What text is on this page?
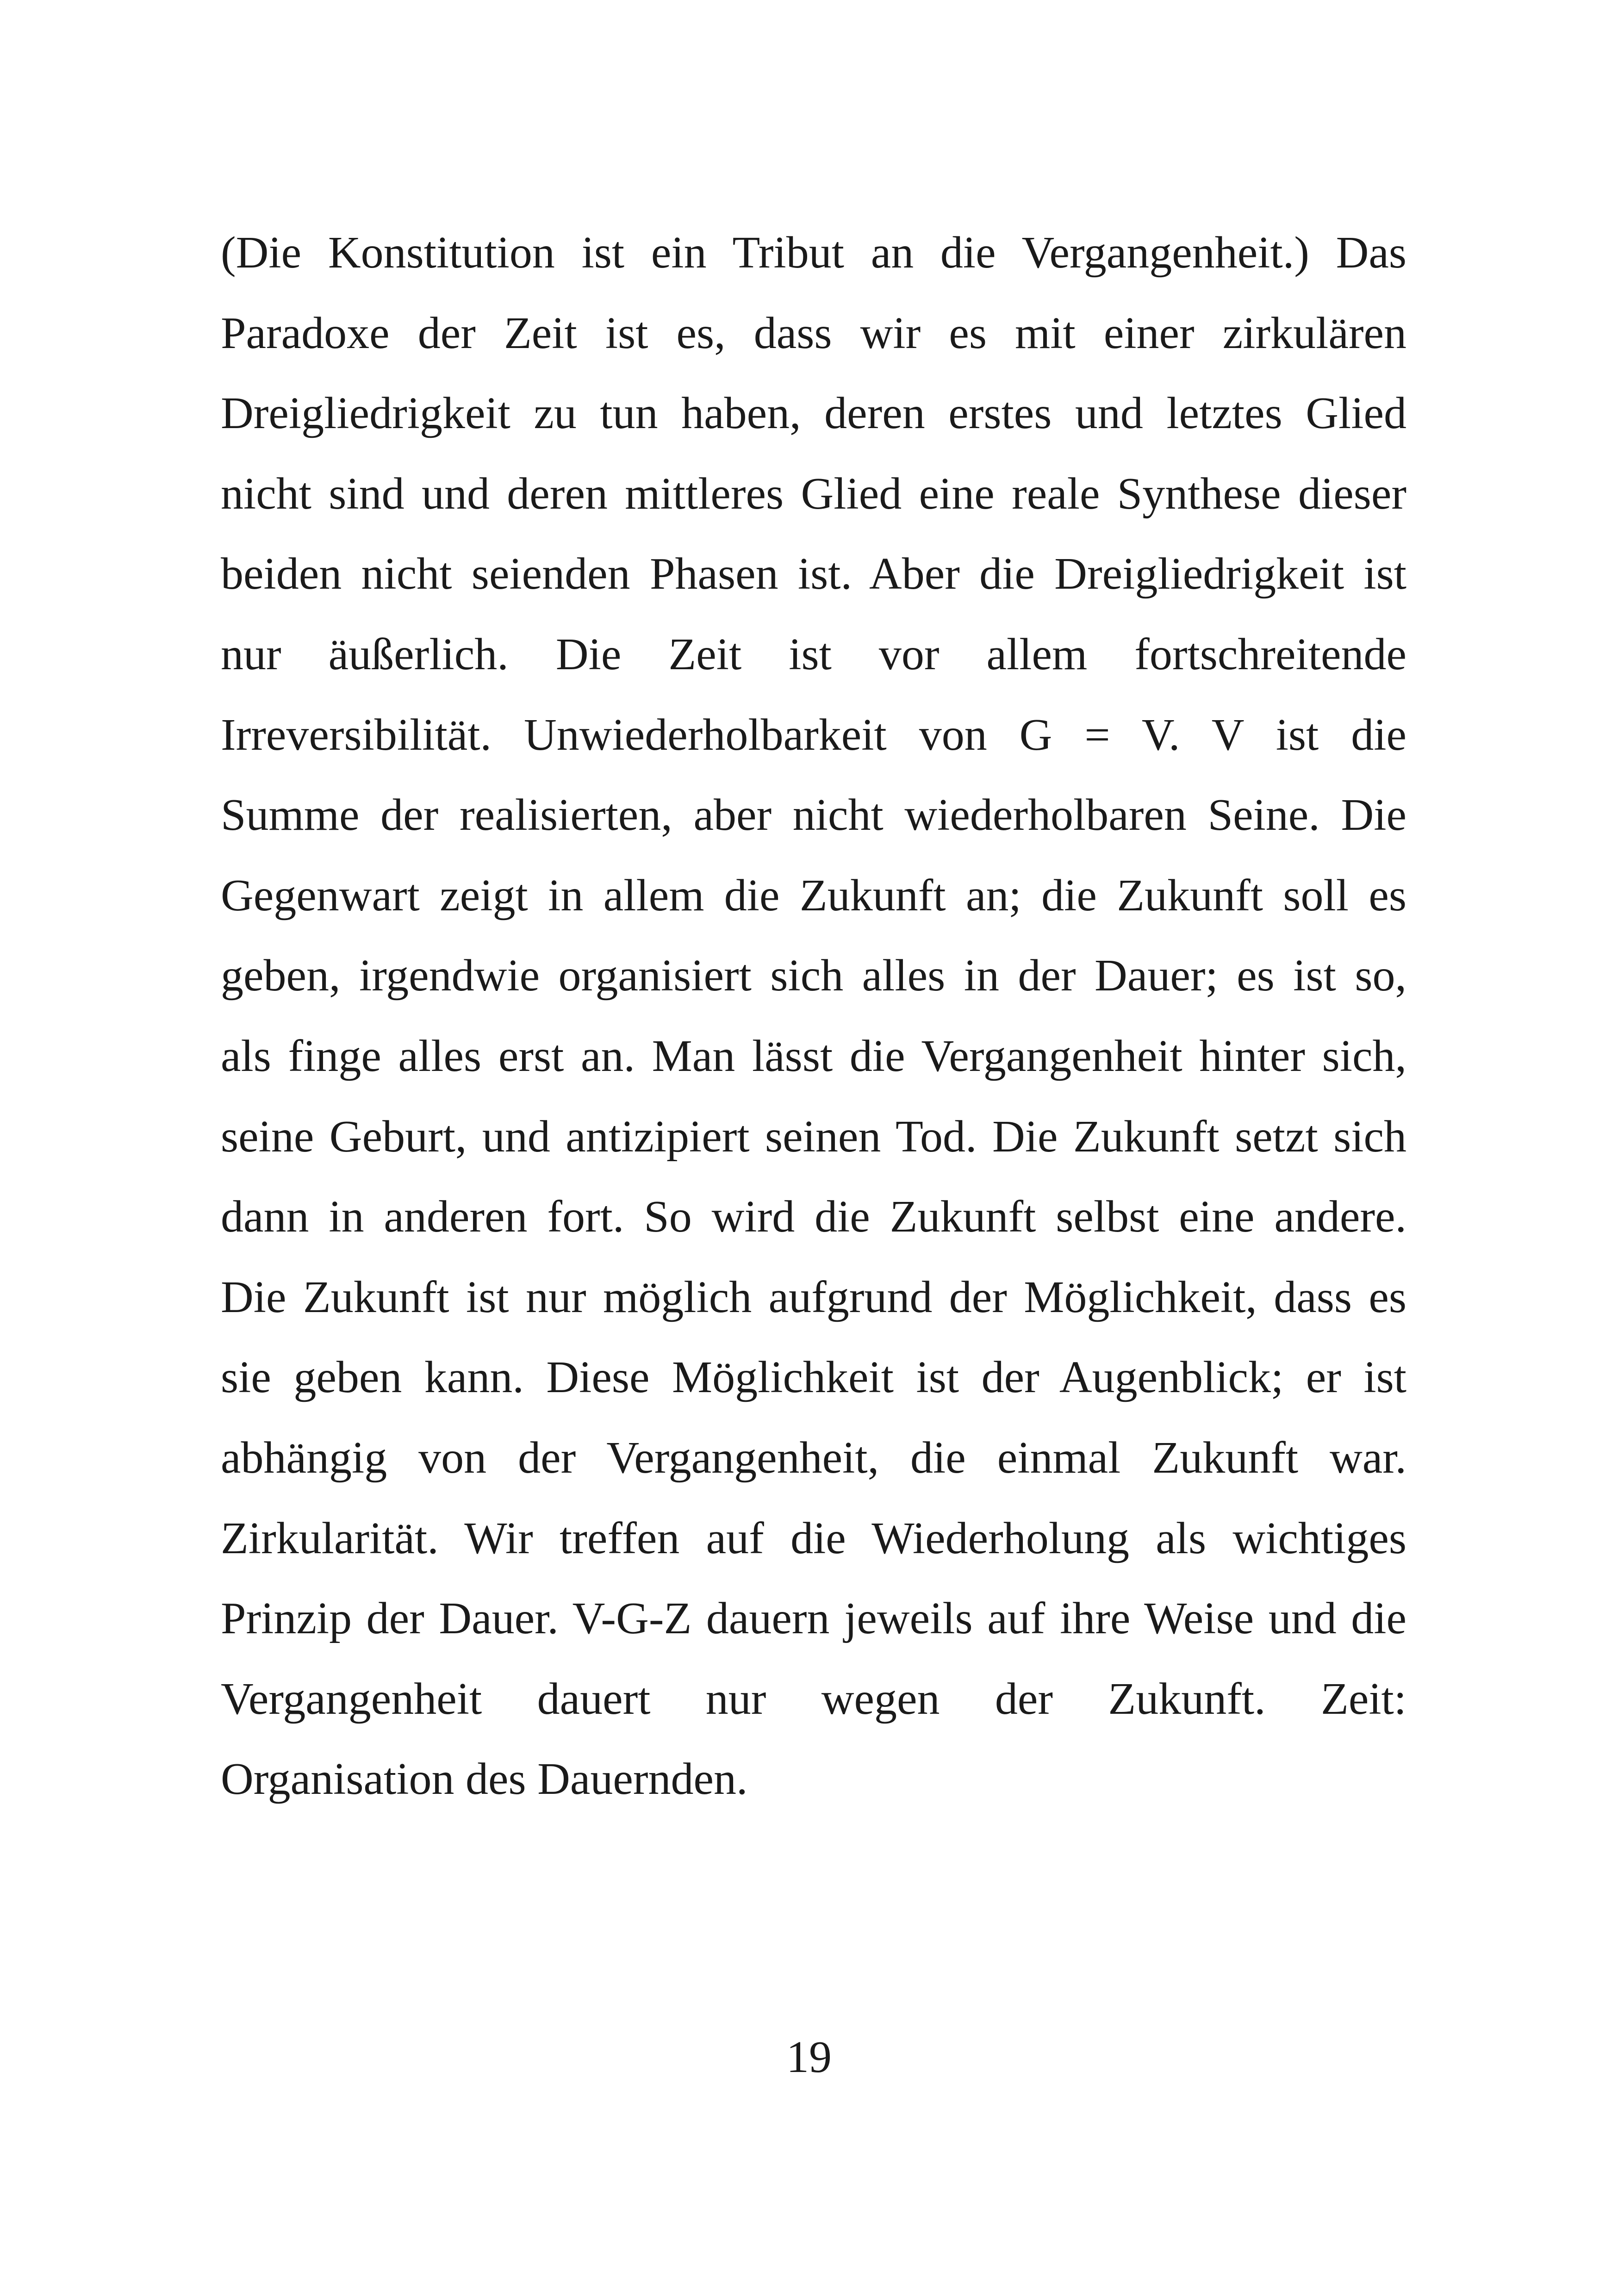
(Die Konstitution ist ein Tribut an die Vergangenheit.) Das
Paradoxe der Zeit ist es, dass wir es mit einer zirkulären
Dreigliedrigkeit zu tun haben, deren erstes und letztes Glied
nicht sind und deren mittleres Glied eine reale Synthese dieser
beiden nicht seienden Phasen ist. Aber die Dreigliedrigkeit ist
nur äußerlich. Die Zeit ist vor allem fortschreitende
Irreversibilität. Unwiederholbarkeit von G = V. V ist die
Summe der realisierten, aber nicht wiederholbaren Seine. Die
Gegenwart zeigt in allem die Zukunft an; die Zukunft soll es
geben, irgendwie organisiert sich alles in der Dauer; es ist so,
als finge alles erst an. Man lässt die Vergangenheit hinter sich,
seine Geburt, und antizipiert seinen Tod. Die Zukunft setzt sich
dann in anderen fort. So wird die Zukunft selbst eine andere.
Die Zukunft ist nur möglich aufgrund der Möglichkeit, dass es
sie geben kann. Diese Möglichkeit ist der Augenblick; er ist
abhängig von der Vergangenheit, die einmal Zukunft war.
Zirkularität. Wir treffen auf die Wiederholung als wichtiges
Prinzip der Dauer. V-G-Z dauern jeweils auf ihre Weise und die
Vergangenheit dauert nur wegen der Zukunft. Zeit:
Organisation des Dauernden.
19
